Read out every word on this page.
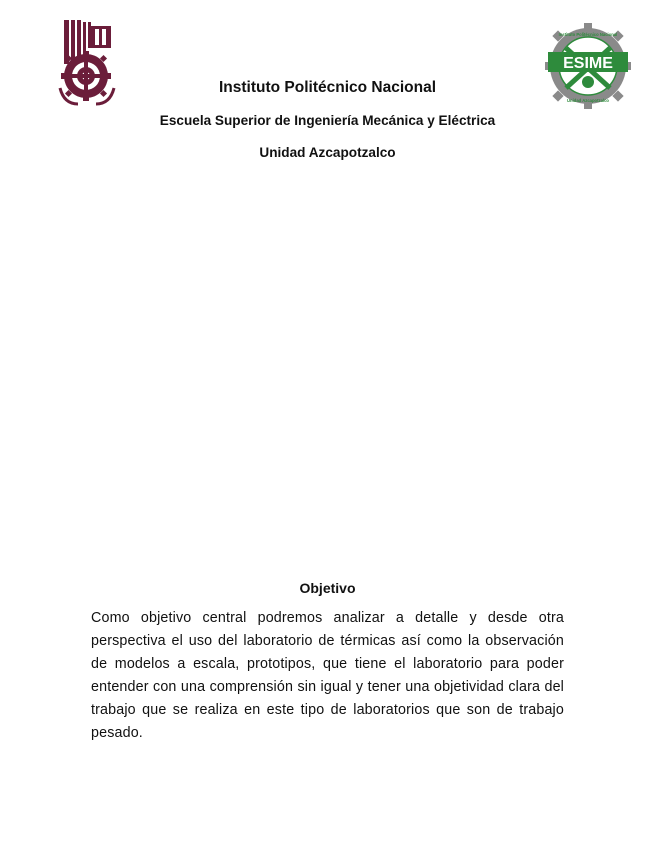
ESIME
Instituto Politécnico Nacional
Unidad Azcapotzalco
Instituto Politécnico Nacional
Escuela Superior de Ingeniería Mecánica y Eléctrica
Unidad Azcapotzalco
Objetivo
Como objetivo central podremos analizar a detalle y desde otra perspectiva el uso del laboratorio de térmicas así como la observación de modelos a escala, prototipos, que tiene el laboratorio para poder entender con una comprensión sin igual y tener una objetividad clara del trabajo que se realiza en este tipo de laboratorios que son de trabajo pesado.
